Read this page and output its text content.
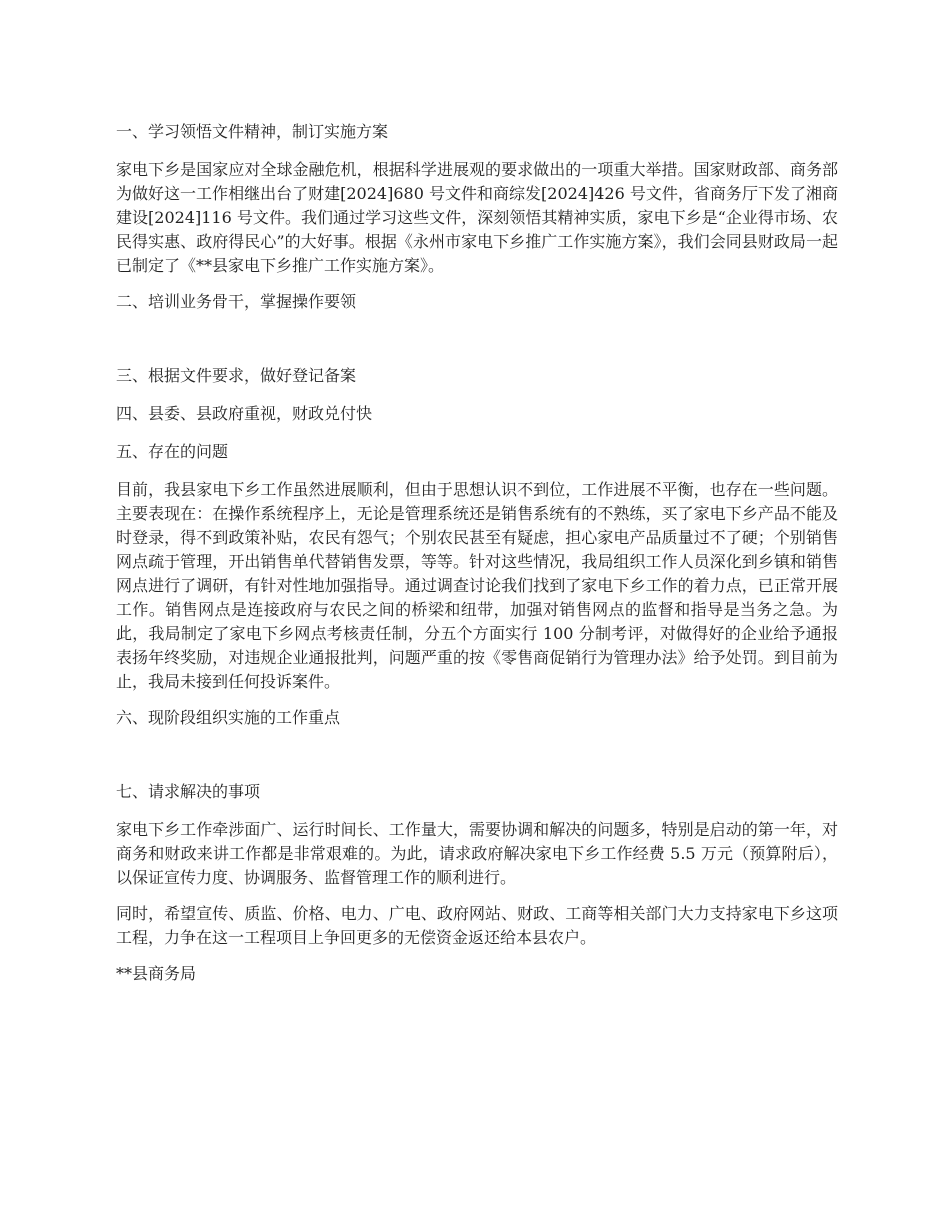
一、学习领悟文件精神，制订实施方案

家电下乡是国家应对全球金融危机，根据科学进展观的要求做出的一项重大举措。国家财政部、商务部为做好这一工作相继出台了财建[2024]680 号文件和商综发[2024]426 号文件，省商务厅下发了湘商建设[2024]116 号文件。我们通过学习这些文件，深刻领悟其精神实质，家电下乡是“企业得市场、农民得实惠、政府得民心”的大好事。根据《永州市家电下乡推广工作实施方案》，我们会同县财政局一起已制定了《**县家电下乡推广工作实施方案》。

二、培训业务骨干，掌握操作要领

三、根据文件要求，做好登记备案

四、县委、县政府重视，财政兑付快

五、存在的问题

目前，我县家电下乡工作虽然进展顺利，但由于思想认识不到位，工作进展不平衡，也存在一些问题。主要表现在：在操作系统程序上，无论是管理系统还是销售系统有的不熟练，买了家电下乡产品不能及时登录，得不到政策补贴，农民有怨气；个别农民甚至有疑虑，担心家电产品质量过不了硬；个别销售网点疏于管理，开出销售单代替销售发票，等等。针对这些情况，我局组织工作人员深化到乡镇和销售网点进行了调研，有针对性地加强指导。通过调查讨论我们找到了家电下乡工作的着力点，已正常开展工作。销售网点是连接政府与农民之间的桥梁和纽带，加强对销售网点的监督和指导是当务之急。为此，我局制定了家电下乡网点考核责任制，分五个方面实行 100 分制考评，对做得好的企业给予通报表扬年终奖励，对违规企业通报批判，问题严重的按《零售商促销行为管理办法》给予处罚。到目前为止，我局未接到任何投诉案件。

六、现阶段组织实施的工作重点

七、请求解决的事项

家电下乡工作牵涉面广、运行时间长、工作量大，需要协调和解决的问题多，特别是启动的第一年，对商务和财政来讲工作都是非常艰难的。为此，请求政府解决家电下乡工作经费 5.5 万元（预算附后），以保证宣传力度、协调服务、监督管理工作的顺利进行。

同时，希望宣传、质监、价格、电力、广电、政府网站、财政、工商等相关部门大力支持家电下乡这项工程，力争在这一工程项目上争回更多的无偿资金返还给本县农户。

**县商务局
